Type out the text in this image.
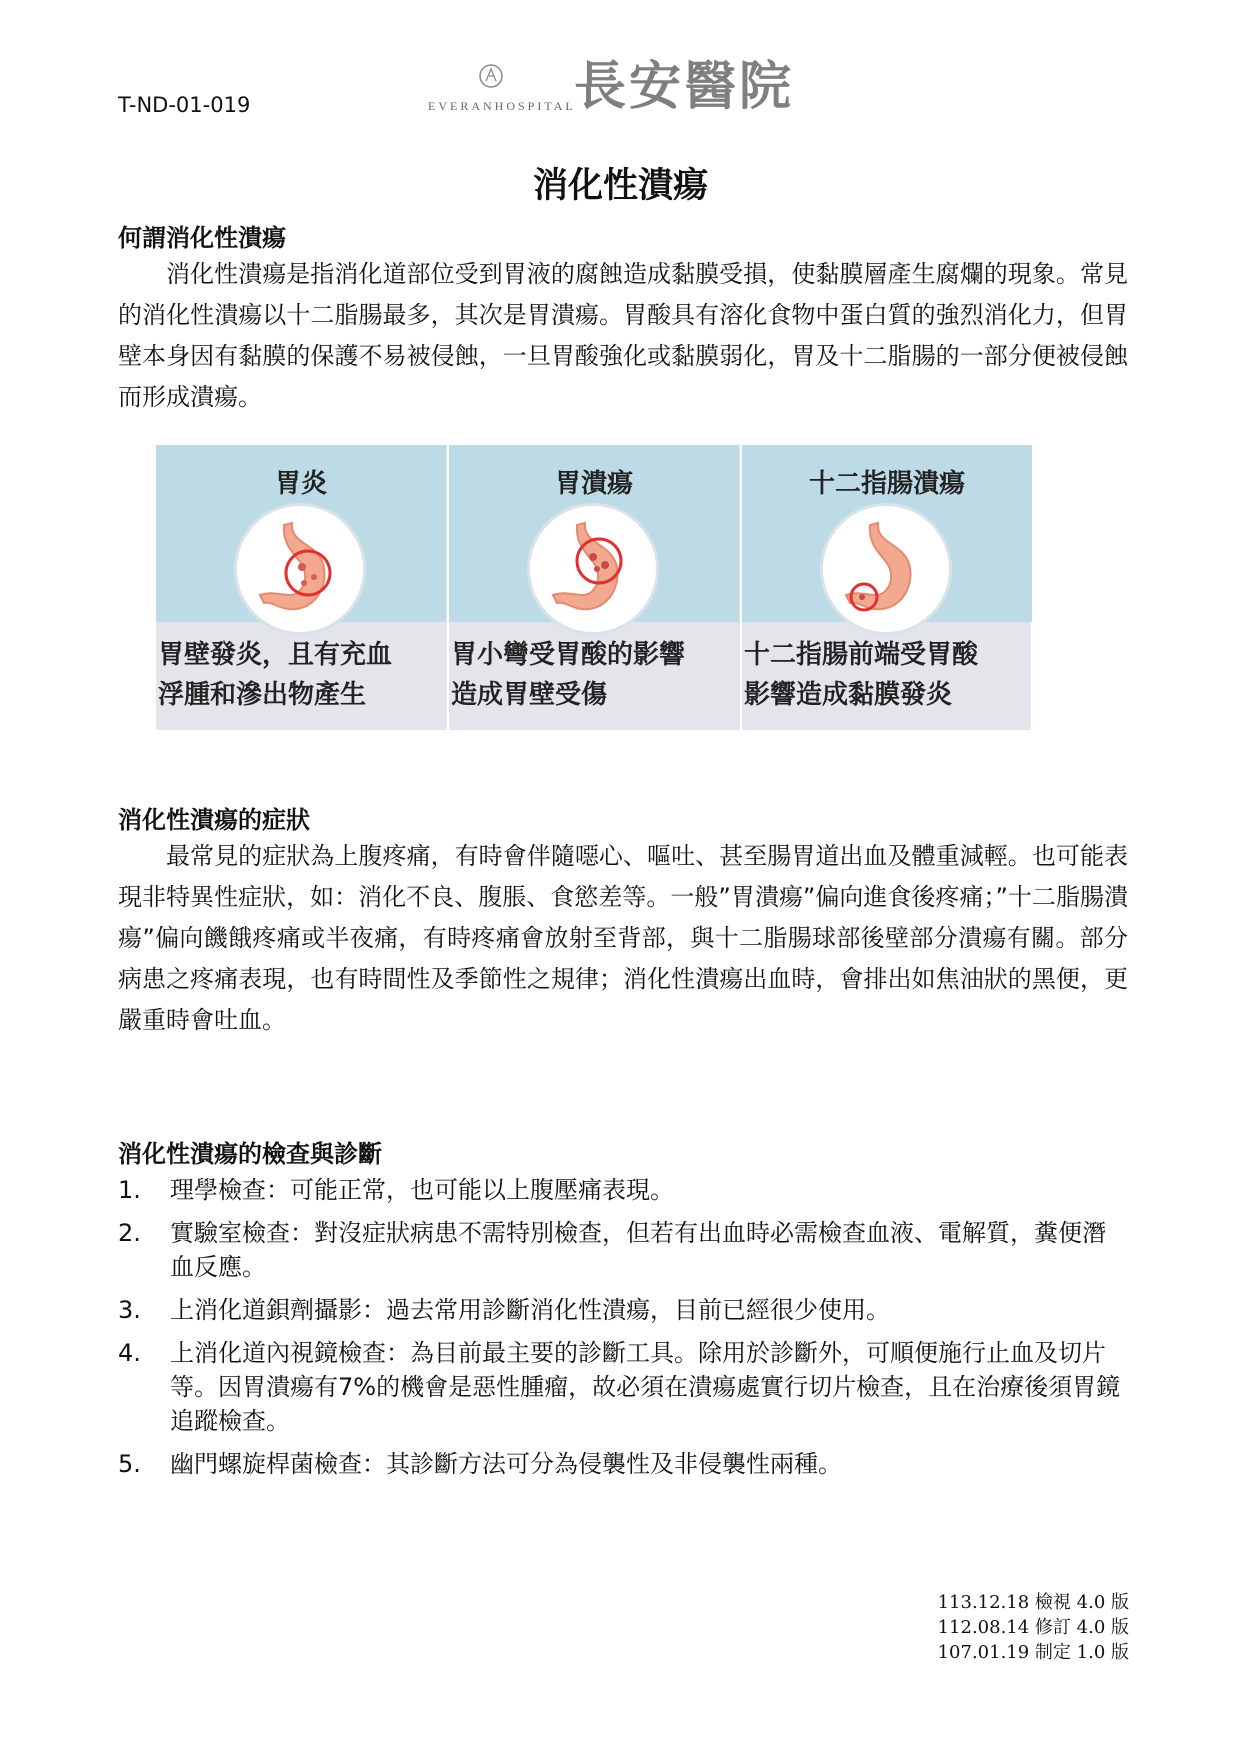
T-ND-01-019	EVERANHOSPITAL
長安醫院
消化性潰瘍
何謂消化性潰瘍

消化性潰瘍是指消化道部位受到胃液的腐蝕造成黏膜受損，使黏膜層產生腐爛的現象。常見的消化性潰瘍以十二脂腸最多，其次是胃潰瘍。胃酸具有溶化食物中蛋白質的強烈消化力，但胃壁本身因有黏膜的保護不易被侵蝕，一旦胃酸強化或黏膜弱化，胃及十二脂腸的一部分便被侵蝕而形成潰瘍。

胃炎
胃壁發炎，且有充血
浮腫和滲出物產生
胃潰瘍
胃小彎受胃酸的影響
造成胃壁受傷
十二指腸潰瘍
十二指腸前端受胃酸
影響造成黏膜發炎
消化性潰瘍的症狀

最常見的症狀為上腹疼痛，有時會伴隨噁心、嘔吐、甚至腸胃道出血及體重減輕。也可能表現非特異性症狀，如：消化不良、腹脹、食慾差等。一般”胃潰瘍”偏向進食後疼痛；”十二脂腸潰瘍”偏向饑餓疼痛或半夜痛，有時疼痛會放射至背部，與十二脂腸球部後壁部分潰瘍有關。部分病患之疼痛表現，也有時間性及季節性之規律；消化性潰瘍出血時，會排出如焦油狀的黑便，更嚴重時會吐血。

消化性潰瘍的檢查與診斷
1. 理學檢查：可能正常，也可能以上腹壓痛表現。
2. 實驗室檢查：對沒症狀病患不需特別檢查，但若有出血時必需檢查血液、電解質，糞便潛血反應。
3. 上消化道鋇劑攝影：過去常用診斷消化性潰瘍，目前已經很少使用。
4. 上消化道內視鏡檢查：為目前最主要的診斷工具。除用於診斷外，可順便施行止血及切片等。因胃潰瘍有7%的機會是惡性腫瘤，故必須在潰瘍處實行切片檢查，且在治療後須胃鏡追蹤檢查。
5. 幽門螺旋桿菌檢查：其診斷方法可分為侵襲性及非侵襲性兩種。
113.12.18 檢視 4.0 版
112.08.14 修訂 4.0 版
107.01.19 制定 1.0 版
